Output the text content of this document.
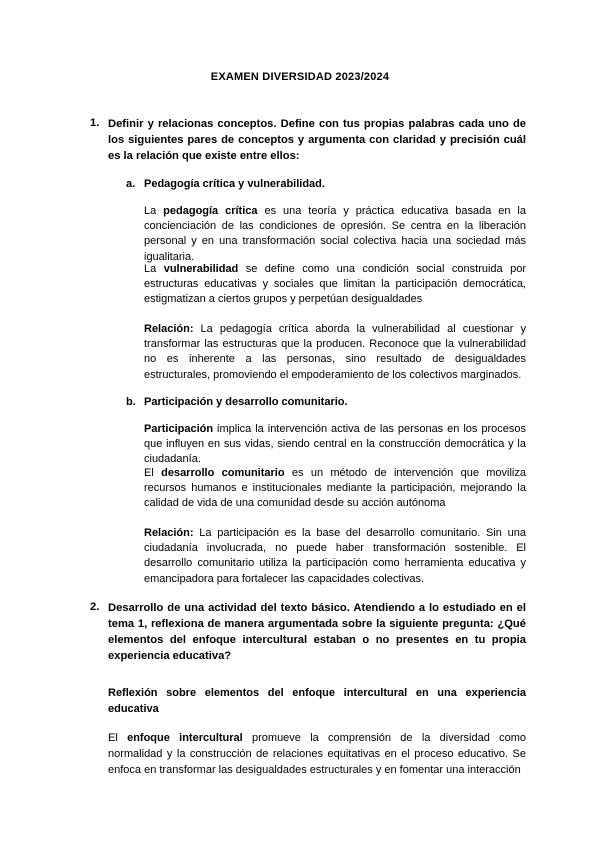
EXAMEN DIVERSIDAD 2023/2024
1. Definir y relacionas conceptos. Define con tus propias palabras cada uno de los siguientes pares de conceptos y argumenta con claridad y precisión cuál es la relación que existe entre ellos:
a. Pedagogía crítica y vulnerabilidad.

La pedagogía crítica es una teoría y práctica educativa basada en la concienciación de las condiciones de opresión. Se centra en la liberación personal y en una transformación social colectiva hacia una sociedad más igualitaria.

La vulnerabilidad se define como una condición social construida por estructuras educativas y sociales que limitan la participación democrática, estigmatizan a ciertos grupos y perpetúan desigualdades

Relación: La pedagogía crítica aborda la vulnerabilidad al cuestionar y transformar las estructuras que la producen. Reconoce que la vulnerabilidad no es inherente a las personas, sino resultado de desigualdades estructurales, promoviendo el empoderamiento de los colectivos marginados.

b. Participación y desarrollo comunitario.

Participación implica la intervención activa de las personas en los procesos que influyen en sus vidas, siendo central en la construcción democrática y la ciudadanía.

El desarrollo comunitario es un método de intervención que moviliza recursos humanos e institucionales mediante la participación, mejorando la calidad de vida de una comunidad desde su acción autónoma

Relación: La participación es la base del desarrollo comunitario. Sin una ciudadanía involucrada, no puede haber transformación sostenible. El desarrollo comunitario utiliza la participación como herramienta educativa y emancipadora para fortalecer las capacidades colectivas.

2. Desarrollo de una actividad del texto básico. Atendiendo a lo estudiado en el tema 1, reflexiona de manera argumentada sobre la siguiente pregunta: ¿Qué elementos del enfoque intercultural estaban o no presentes en tu propia experiencia educativa?
Reflexión sobre elementos del enfoque intercultural en una experiencia educativa

El enfoque intercultural promueve la comprensión de la diversidad como normalidad y la construcción de relaciones equitativas en el proceso educativo. Se enfoca en transformar las desigualdades estructurales y en fomentar una interacción
